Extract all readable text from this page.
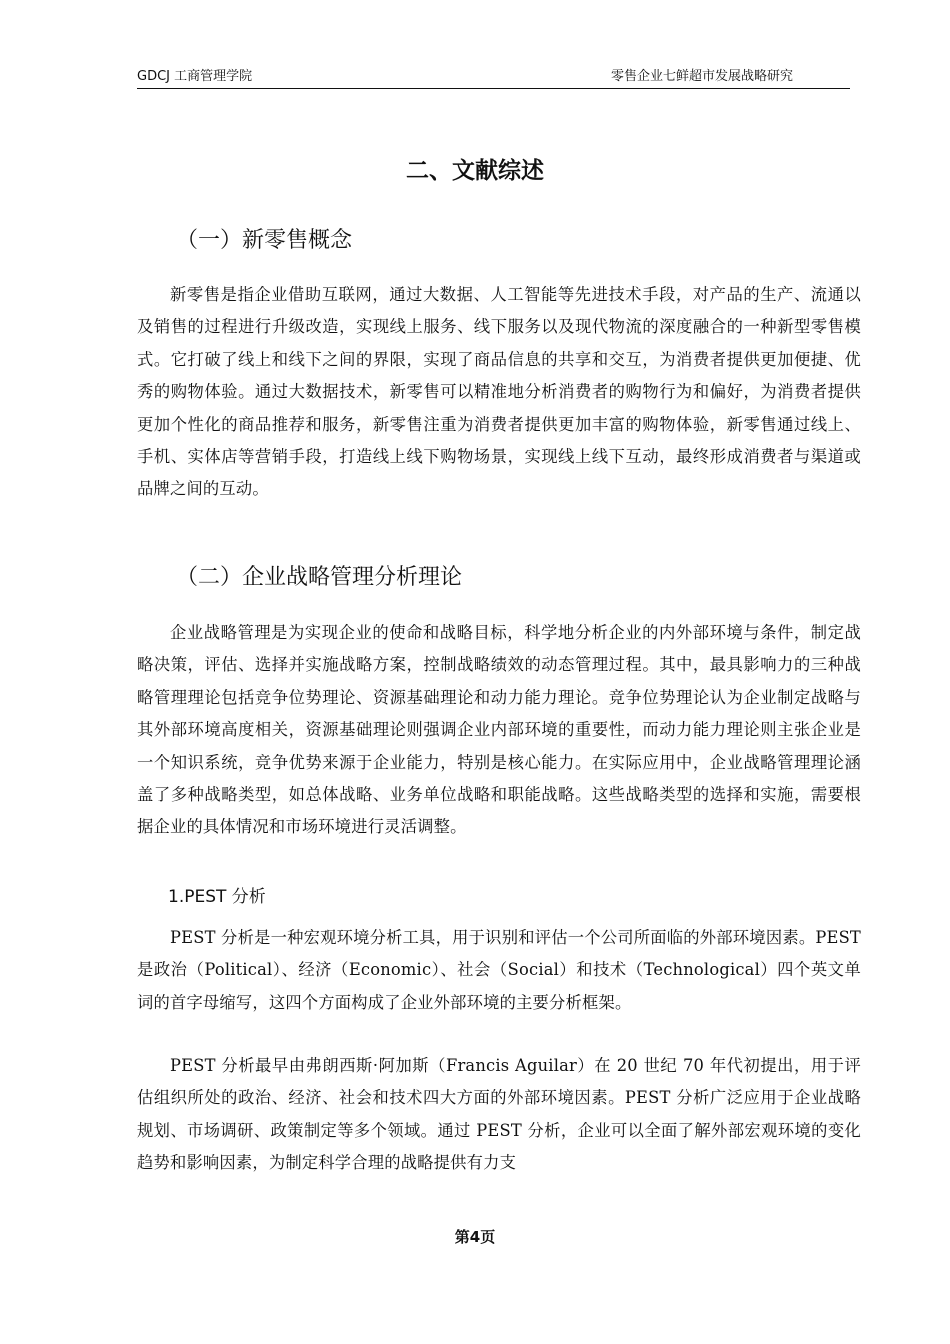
GDCJ 工商管理学院	零售企业七鲜超市发展战略研究
二、文献综述
（一）新零售概念

新零售是指企业借助互联网，通过大数据、人工智能等先进技术手段，对产品的生产、流通以及销售的过程进行升级改造，实现线上服务、线下服务以及现代物流的深度融合的一种新型零售模式。它打破了线上和线下之间的界限，实现了商品信息的共享和交互，为消费者提供更加便捷、优秀的购物体验。通过大数据技术，新零售可以精准地分析消费者的购物行为和偏好，为消费者提供更加个性化的商品推荐和服务，新零售注重为消费者提供更加丰富的购物体验，新零售通过线上、手机、实体店等营销手段，打造线上线下购物场景，实现线上线下互动，最终形成消费者与渠道或品牌之间的互动。

（二）企业战略管理分析理论

企业战略管理是为实现企业的使命和战略目标，科学地分析企业的内外部环境与条件，制定战略决策，评估、选择并实施战略方案，控制战略绩效的动态管理过程。其中，最具影响力的三种战略管理理论包括竞争位势理论、资源基础理论和动力能力理论。竞争位势理论认为企业制定战略与其外部环境高度相关，资源基础理论则强调企业内部环境的重要性，而动力能力理论则主张企业是一个知识系统，竞争优势来源于企业能力，特别是核心能力。在实际应用中，企业战略管理理论涵盖了多种战略类型，如总体战略、业务单位战略和职能战略。这些战略类型的选择和实施，需要根据企业的具体情况和市场环境进行灵活调整。

1.PEST 分析

PEST 分析是一种宏观环境分析工具，用于识别和评估一个公司所面临的外部环境因素。PEST 是政治（Political）、经济（Economic）、社会（Social）和技术（Technological）四个英文单词的首字母缩写，这四个方面构成了企业外部环境的主要分析框架。

PEST 分析最早由弗朗西斯·阿加斯（Francis Aguilar）在 20 世纪 70 年代初提出，用于评估组织所处的政治、经济、社会和技术四大方面的外部环境因素。PEST 分析广泛应用于企业战略规划、市场调研、政策制定等多个领域。通过 PEST 分析，企业可以全面了解外部宏观环境的变化趋势和影响因素，为制定科学合理的战略提供有力支

第4页
